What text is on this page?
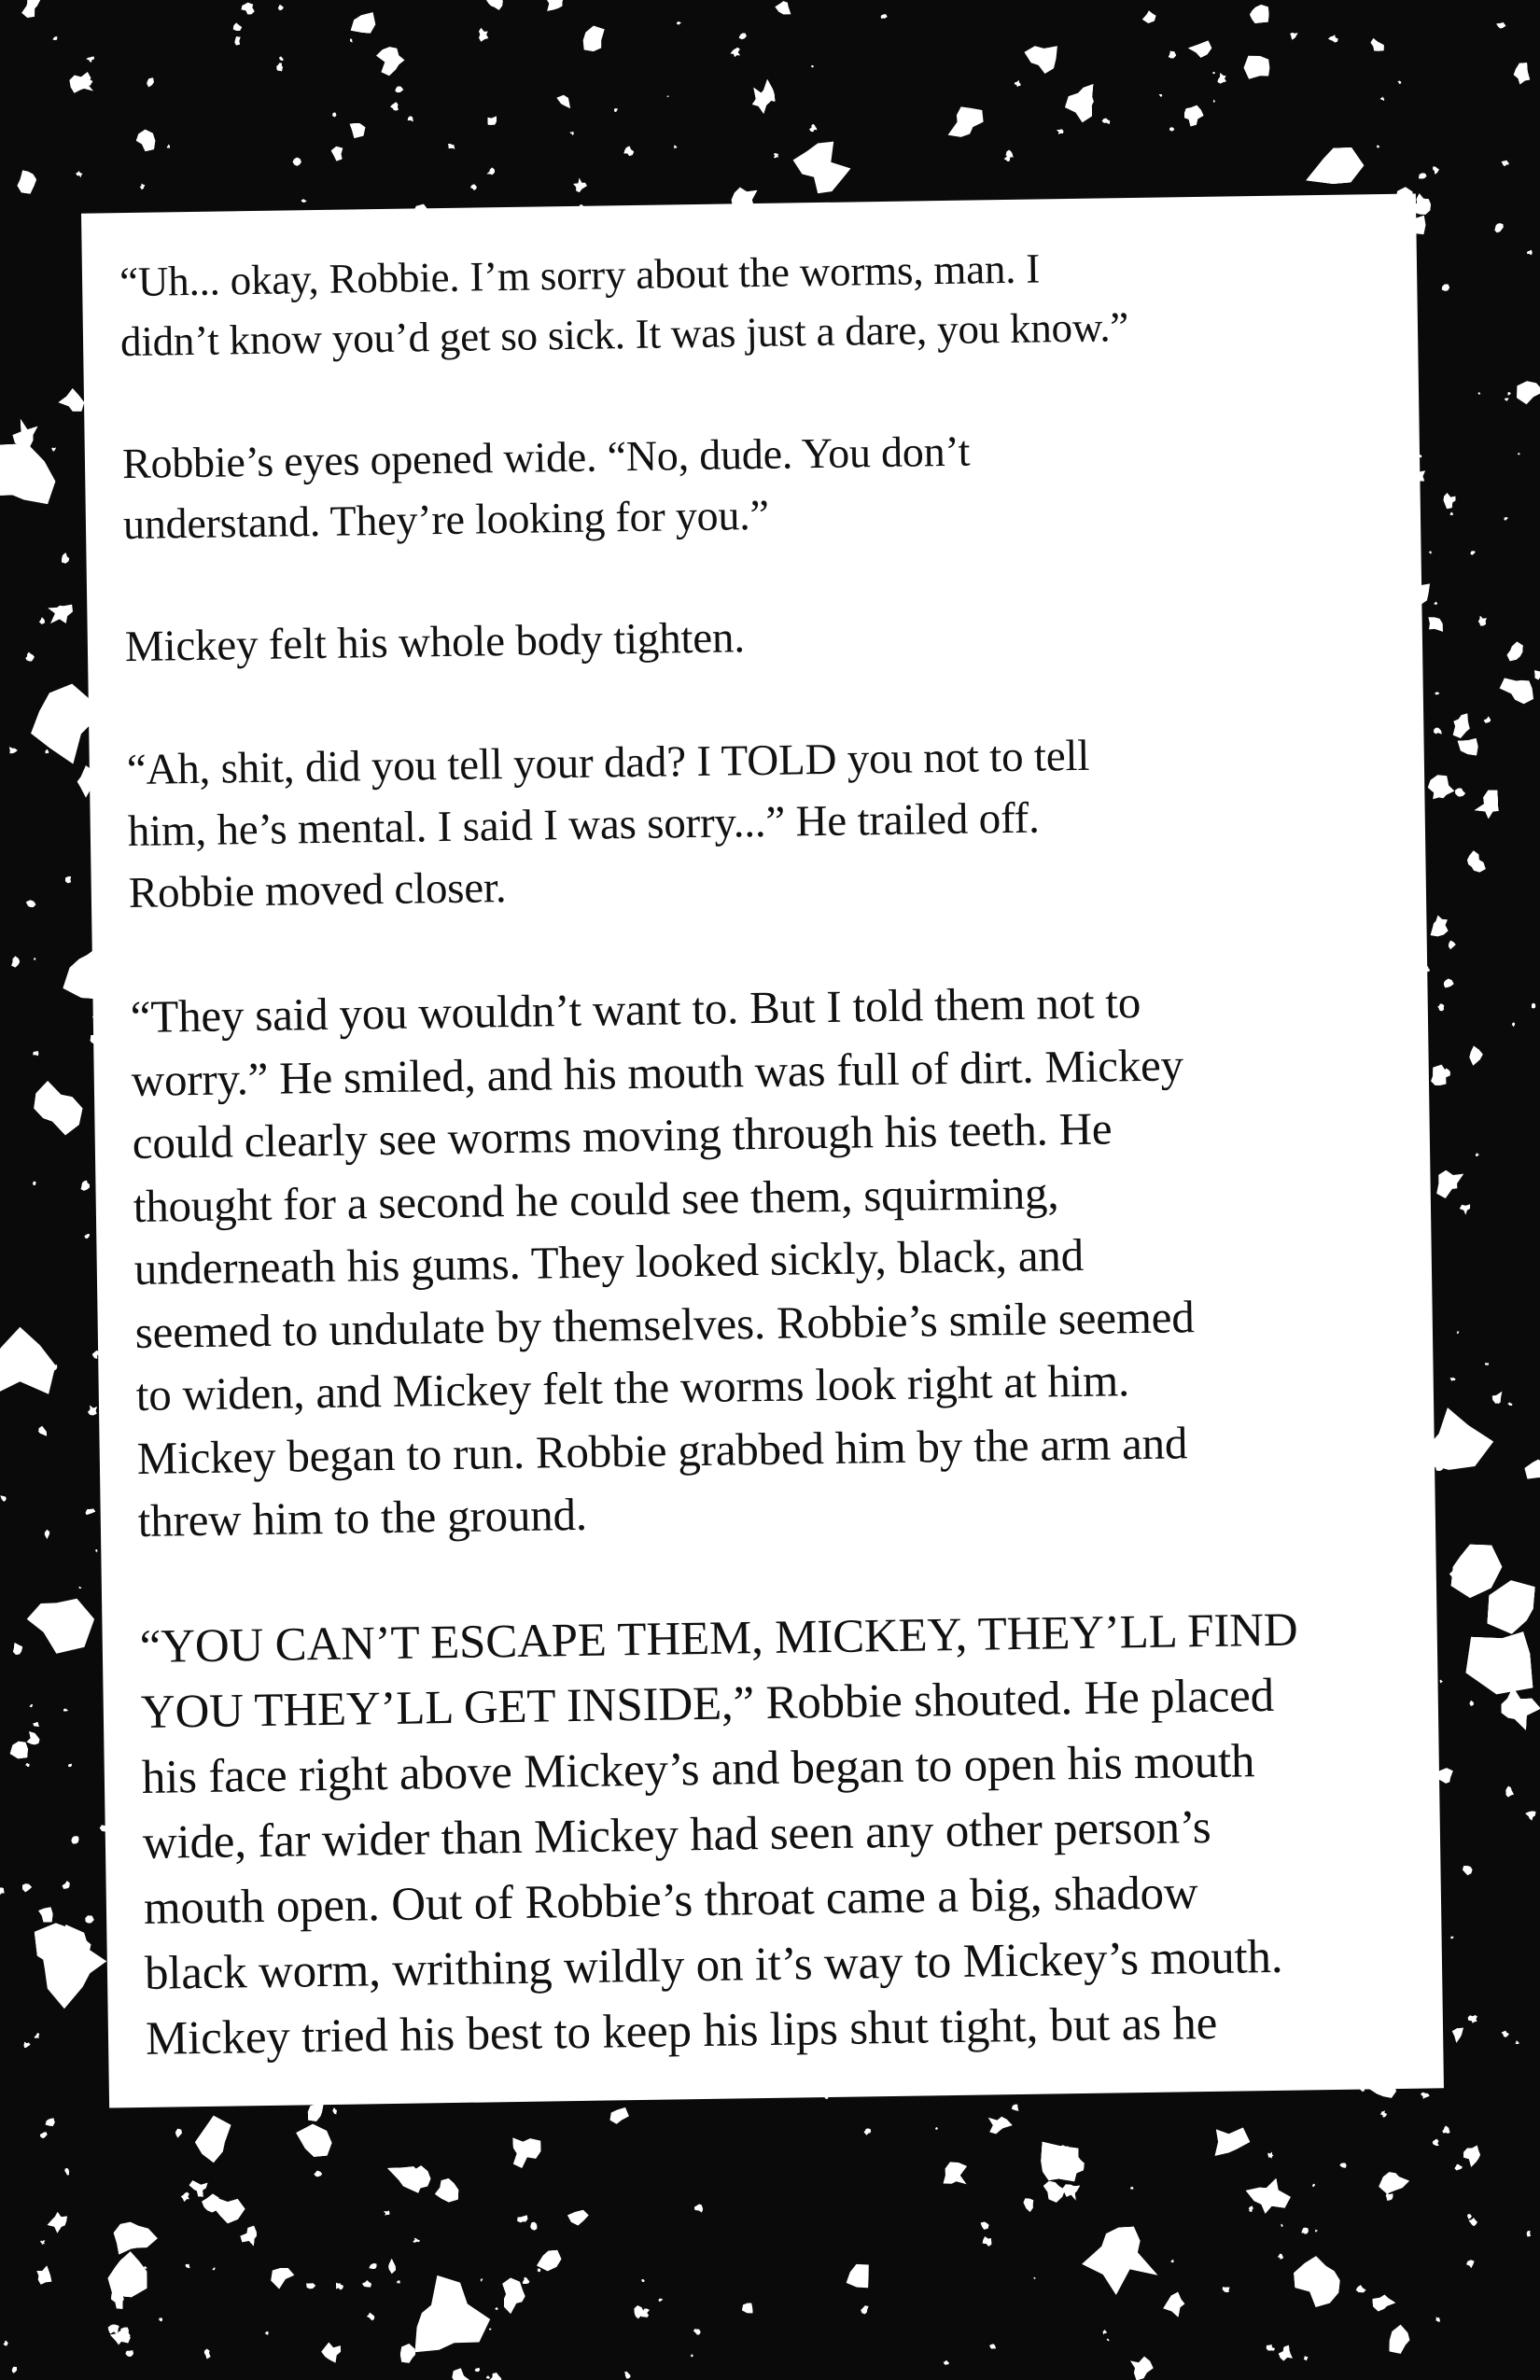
“Uh... okay, Robbie. I’m sorry about the worms, man. I
didn’t know you’d get so sick. It was just a dare, you know.”

Robbie’s eyes opened wide. “No, dude. You don’t
understand. They’re looking for you.”

Mickey felt his whole body tighten.

“Ah, shit, did you tell your dad? I TOLD you not to tell
him, he’s mental. I said I was sorry...” He trailed off.
Robbie moved closer.

“They said you wouldn’t want to. But I told them not to
worry.” He smiled, and his mouth was full of dirt. Mickey
could clearly see worms moving through his teeth. He
thought for a second he could see them, squirming,
underneath his gums. They looked sickly, black, and
seemed to undulate by themselves. Robbie’s smile seemed
to widen, and Mickey felt the worms look right at him.
Mickey began to run. Robbie grabbed him by the arm and
threw him to the ground.

“YOU CAN’T ESCAPE THEM, MICKEY, THEY’LL FIND
YOU THEY’LL GET INSIDE,” Robbie shouted. He placed
his face right above Mickey’s and began to open his mouth
wide, far wider than Mickey had seen any other person’s
mouth open. Out of Robbie’s throat came a big, shadow
black worm, writhing wildly on it’s way to Mickey’s mouth.
Mickey tried his best to keep his lips shut tight, but as he
